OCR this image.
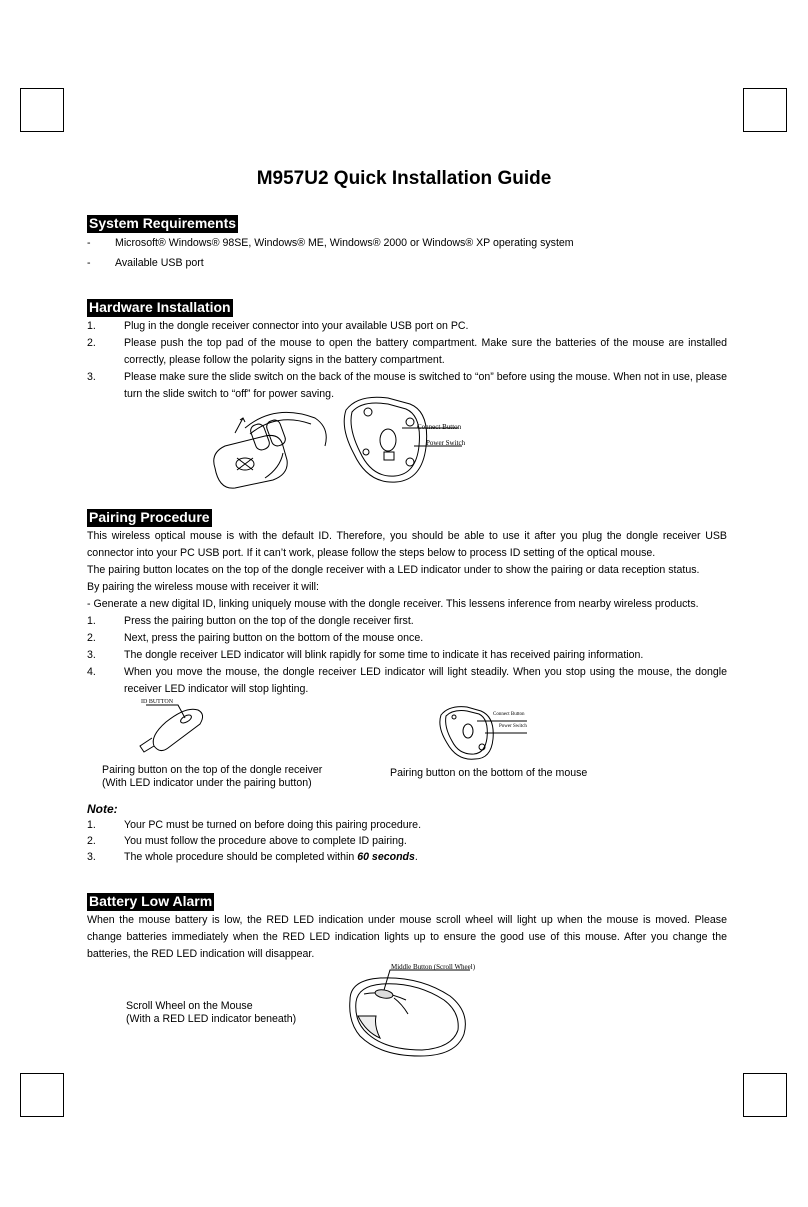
M957U2 Quick Installation Guide
System Requirements
- Microsoft® Windows® 98SE, Windows® ME, Windows® 2000 or Windows® XP operating system
- Available USB port
Hardware Installation
1.	Plug in the dongle receiver connector into your available USB port on PC.
2.	Please push the top pad of the mouse to open the battery compartment. Make sure the batteries of the mouse are installed correctly, please follow the polarity signs in the battery compartment.
3.	Please make sure the slide switch on the back of the mouse is switched to “on” before using the mouse. When not in use, please turn the slide switch to “off” for power saving.
Connect Button
Power Switch
Pairing Procedure
This wireless optical mouse is with the default ID. Therefore, you should be able to use it after you plug the dongle receiver USB connector into your PC USB port. If it can’t work, please follow the steps below to process ID setting of the optical mouse.
The pairing button locates on the top of the dongle receiver with a LED indicator under to show the pairing or data reception status.
By pairing the wireless mouse with receiver it will:
- Generate a new digital ID, linking uniquely mouse with the dongle receiver. This lessens inference from nearby wireless products.
1.	Press the pairing button on the top of the dongle receiver first.
2.	Next, press the pairing button on the bottom of the mouse once.
3.	The dongle receiver LED indicator will blink rapidly for some time to indicate it has received pairing information.
4.	When you move the mouse, the dongle receiver LED indicator will light steadily. When you stop using the mouse, the dongle receiver LED indicator will stop lighting.
ID BUTTON
Connect Button
Power Switch
Pairing button on the top of the dongle receiver
(With LED indicator under the pairing button)
Pairing button on the bottom of the mouse
Note:
1.	Your PC must be turned on before doing this pairing procedure.
2.	You must follow the procedure above to complete ID pairing.
3.	The whole procedure should be completed within 60 seconds.
Battery Low Alarm
When the mouse battery is low, the RED LED indication under mouse scroll wheel will light up when the mouse is moved. Please change batteries immediately when the RED LED indication lights up to ensure the good use of this mouse. After you change the batteries, the RED LED indication will disappear.
Middle Button (Scroll Wheel)
Scroll Wheel on the Mouse
(With a RED LED indicator beneath)
